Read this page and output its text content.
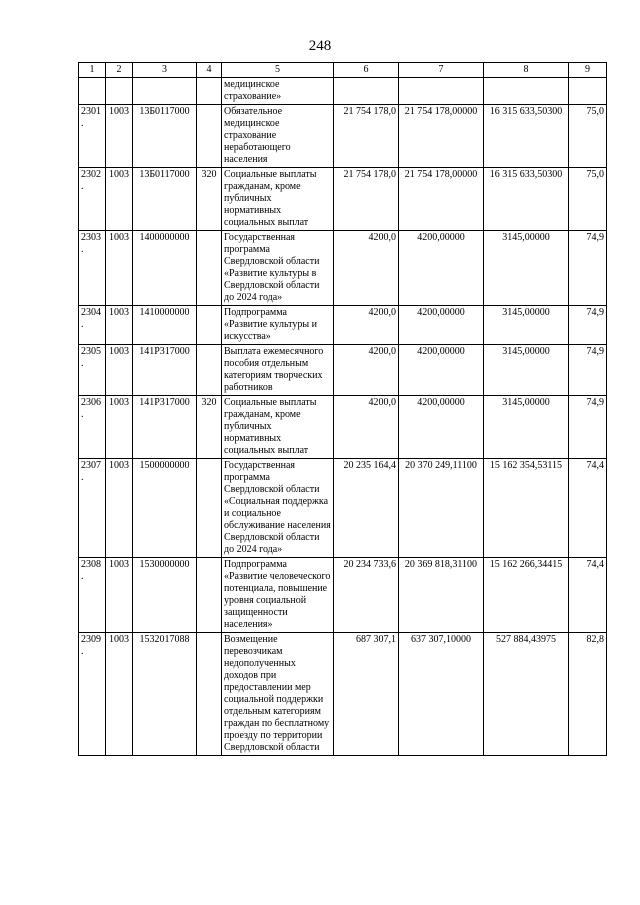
248
1	2	3	4	5	6	7	8	9
				медицинское страхование»				
2301.	1003	13Б0117000		Обязательное медицинское страхование неработающего населения	21 754 178,0	21 754 178,00000	16 315 633,50300	75,0
2302.	1003	13Б0117000	320	Социальные выплаты гражданам, кроме публичных нормативных социальных выплат	21 754 178,0	21 754 178,00000	16 315 633,50300	75,0
2303.	1003	1400000000		Государственная программа Свердловской области «Развитие культуры в Свердловской области до 2024 года»	4200,0	4200,00000	3145,00000	74,9
2304.	1003	1410000000		Подпрограмма «Развитие культуры и искусства»	4200,0	4200,00000	3145,00000	74,9
2305.	1003	141P317000		Выплата ежемесячного пособия отдельным категориям творческих работников	4200,0	4200,00000	3145,00000	74,9
2306.	1003	141P317000	320	Социальные выплаты гражданам, кроме публичных нормативных социальных выплат	4200,0	4200,00000	3145,00000	74,9
2307.	1003	1500000000		Государственная программа Свердловской области «Социальная поддержка и социальное обслуживание населения Свердловской области до 2024 года»	20 235 164,4	20 370 249,11100	15 162 354,53115	74,4
2308.	1003	1530000000		Подпрограмма «Развитие человеческого потенциала, повышение уровня социальной защищенности населения»	20 234 733,6	20 369 818,31100	15 162 266,34415	74,4
2309.	1003	1532017088		Возмещение перевозчикам недополученных доходов при предоставлении мер социальной поддержки отдельным категориям граждан по бесплатному проезду по территории Свердловской области	687 307,1	637 307,10000	527 884,43975	82,8
